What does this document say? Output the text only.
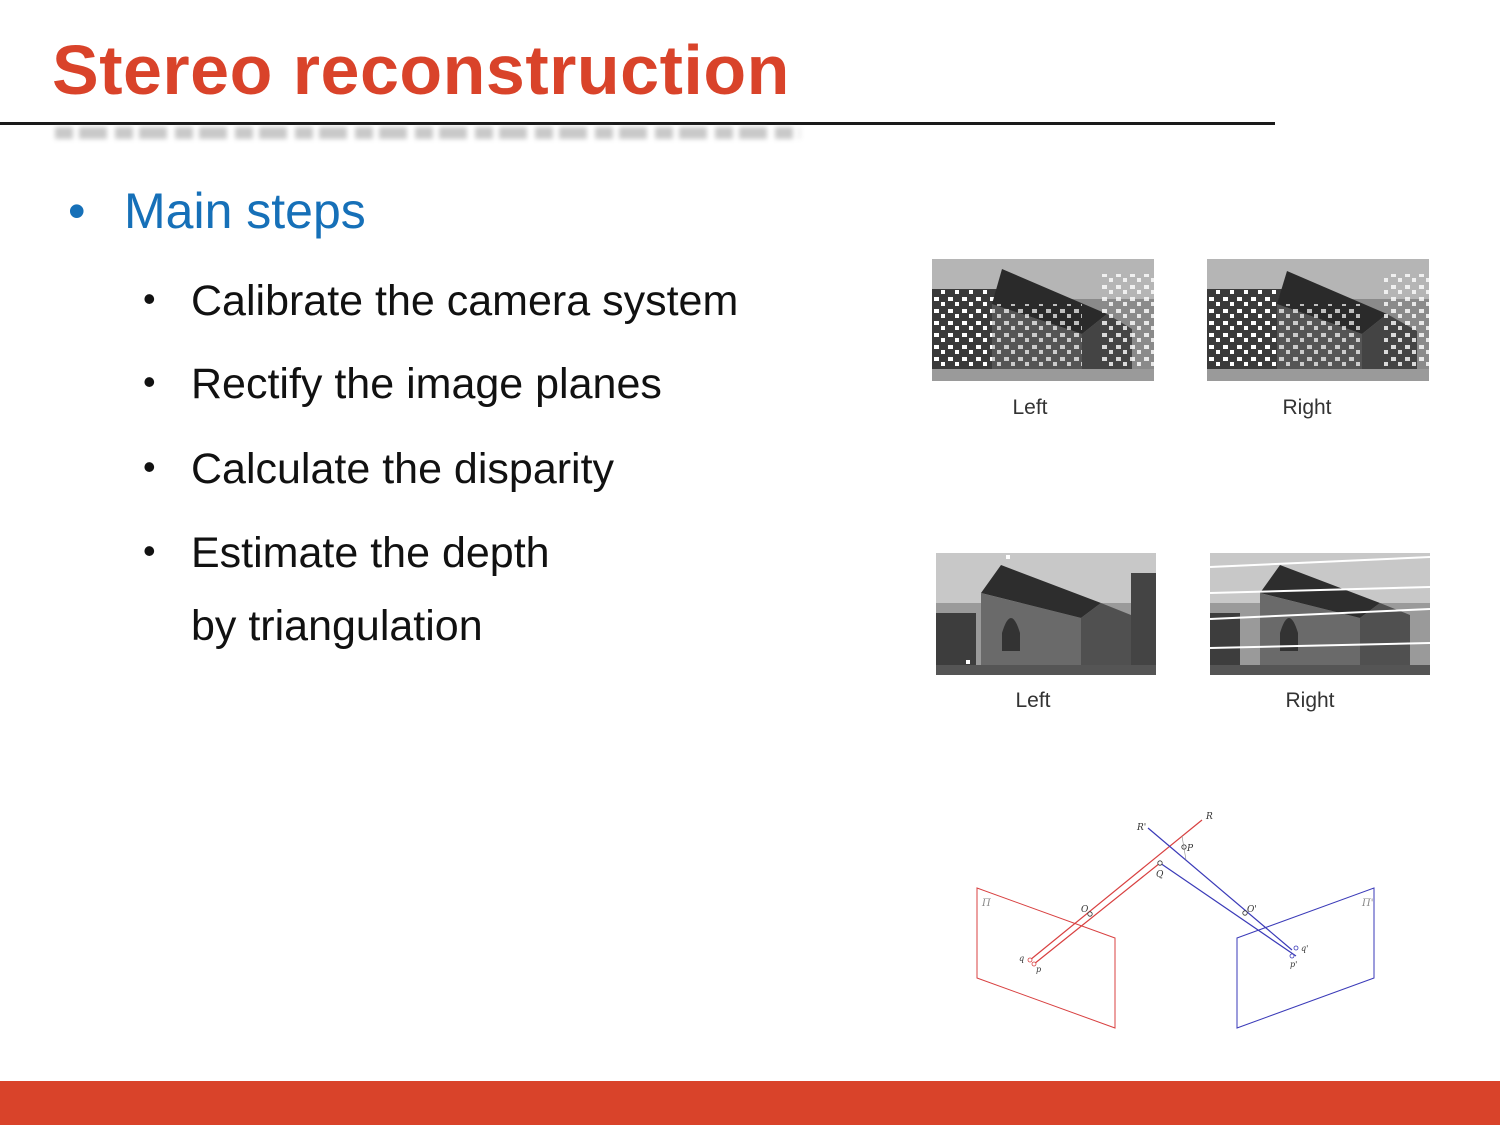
Stereo reconstruction
• Main steps
• Calibrate the camera system
• Rectify the image planes
• Calculate the disparity
• Estimate the depth
by triangulation
Left	Right
Left	Right
Π	Π'
O	O'
Q
P
R'
R
q
p
q'
p'
